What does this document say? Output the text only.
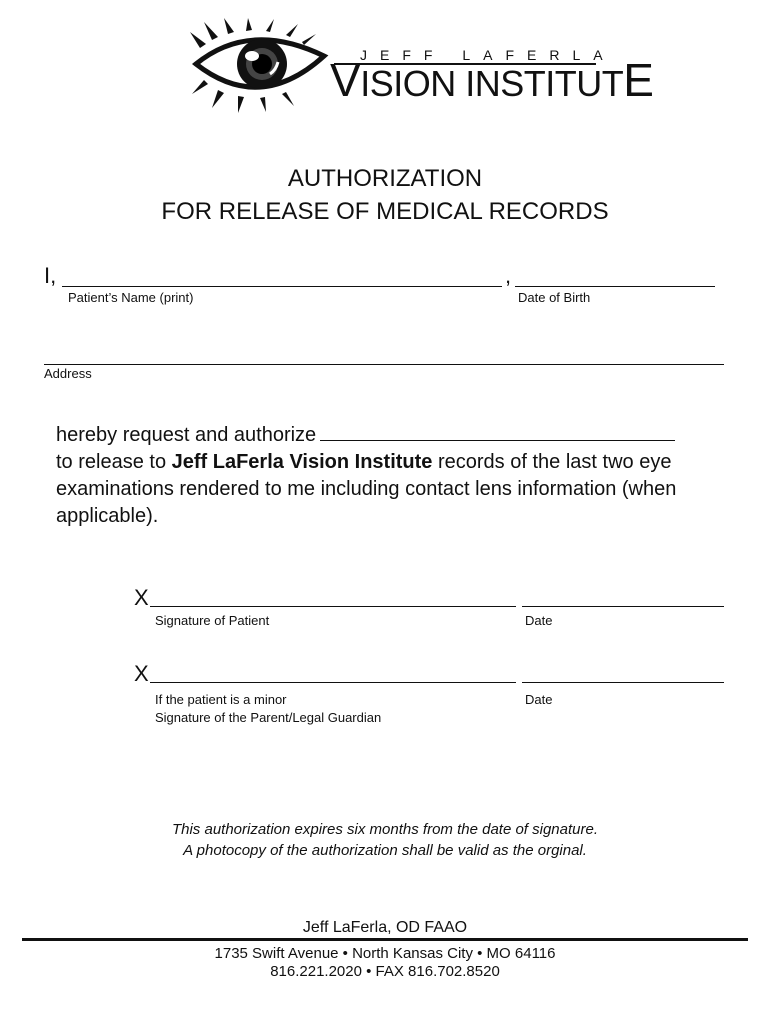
JEFF LAFERLA
VISION INSTITUTE
AUTHORIZATION
FOR RELEASE OF MEDICAL RECORDS
I,	,
Patient’s Name (print)	Date of Birth
Address
hereby request and authorize
to release to Jeff LaFerla Vision Institute records of the last two eye examinations rendered to me including contact lens information (when applicable).
X
Signature of Patient	Date
X
If the patient is a minor
Signature of the Parent/Legal Guardian
Date
This authorization expires six months from the date of signature.
A photocopy of the authorization shall be valid as the orginal.
Jeff LaFerla, OD FAAO
1735 Swift Avenue • North Kansas City • MO 64116
816.221.2020 • FAX 816.702.8520
